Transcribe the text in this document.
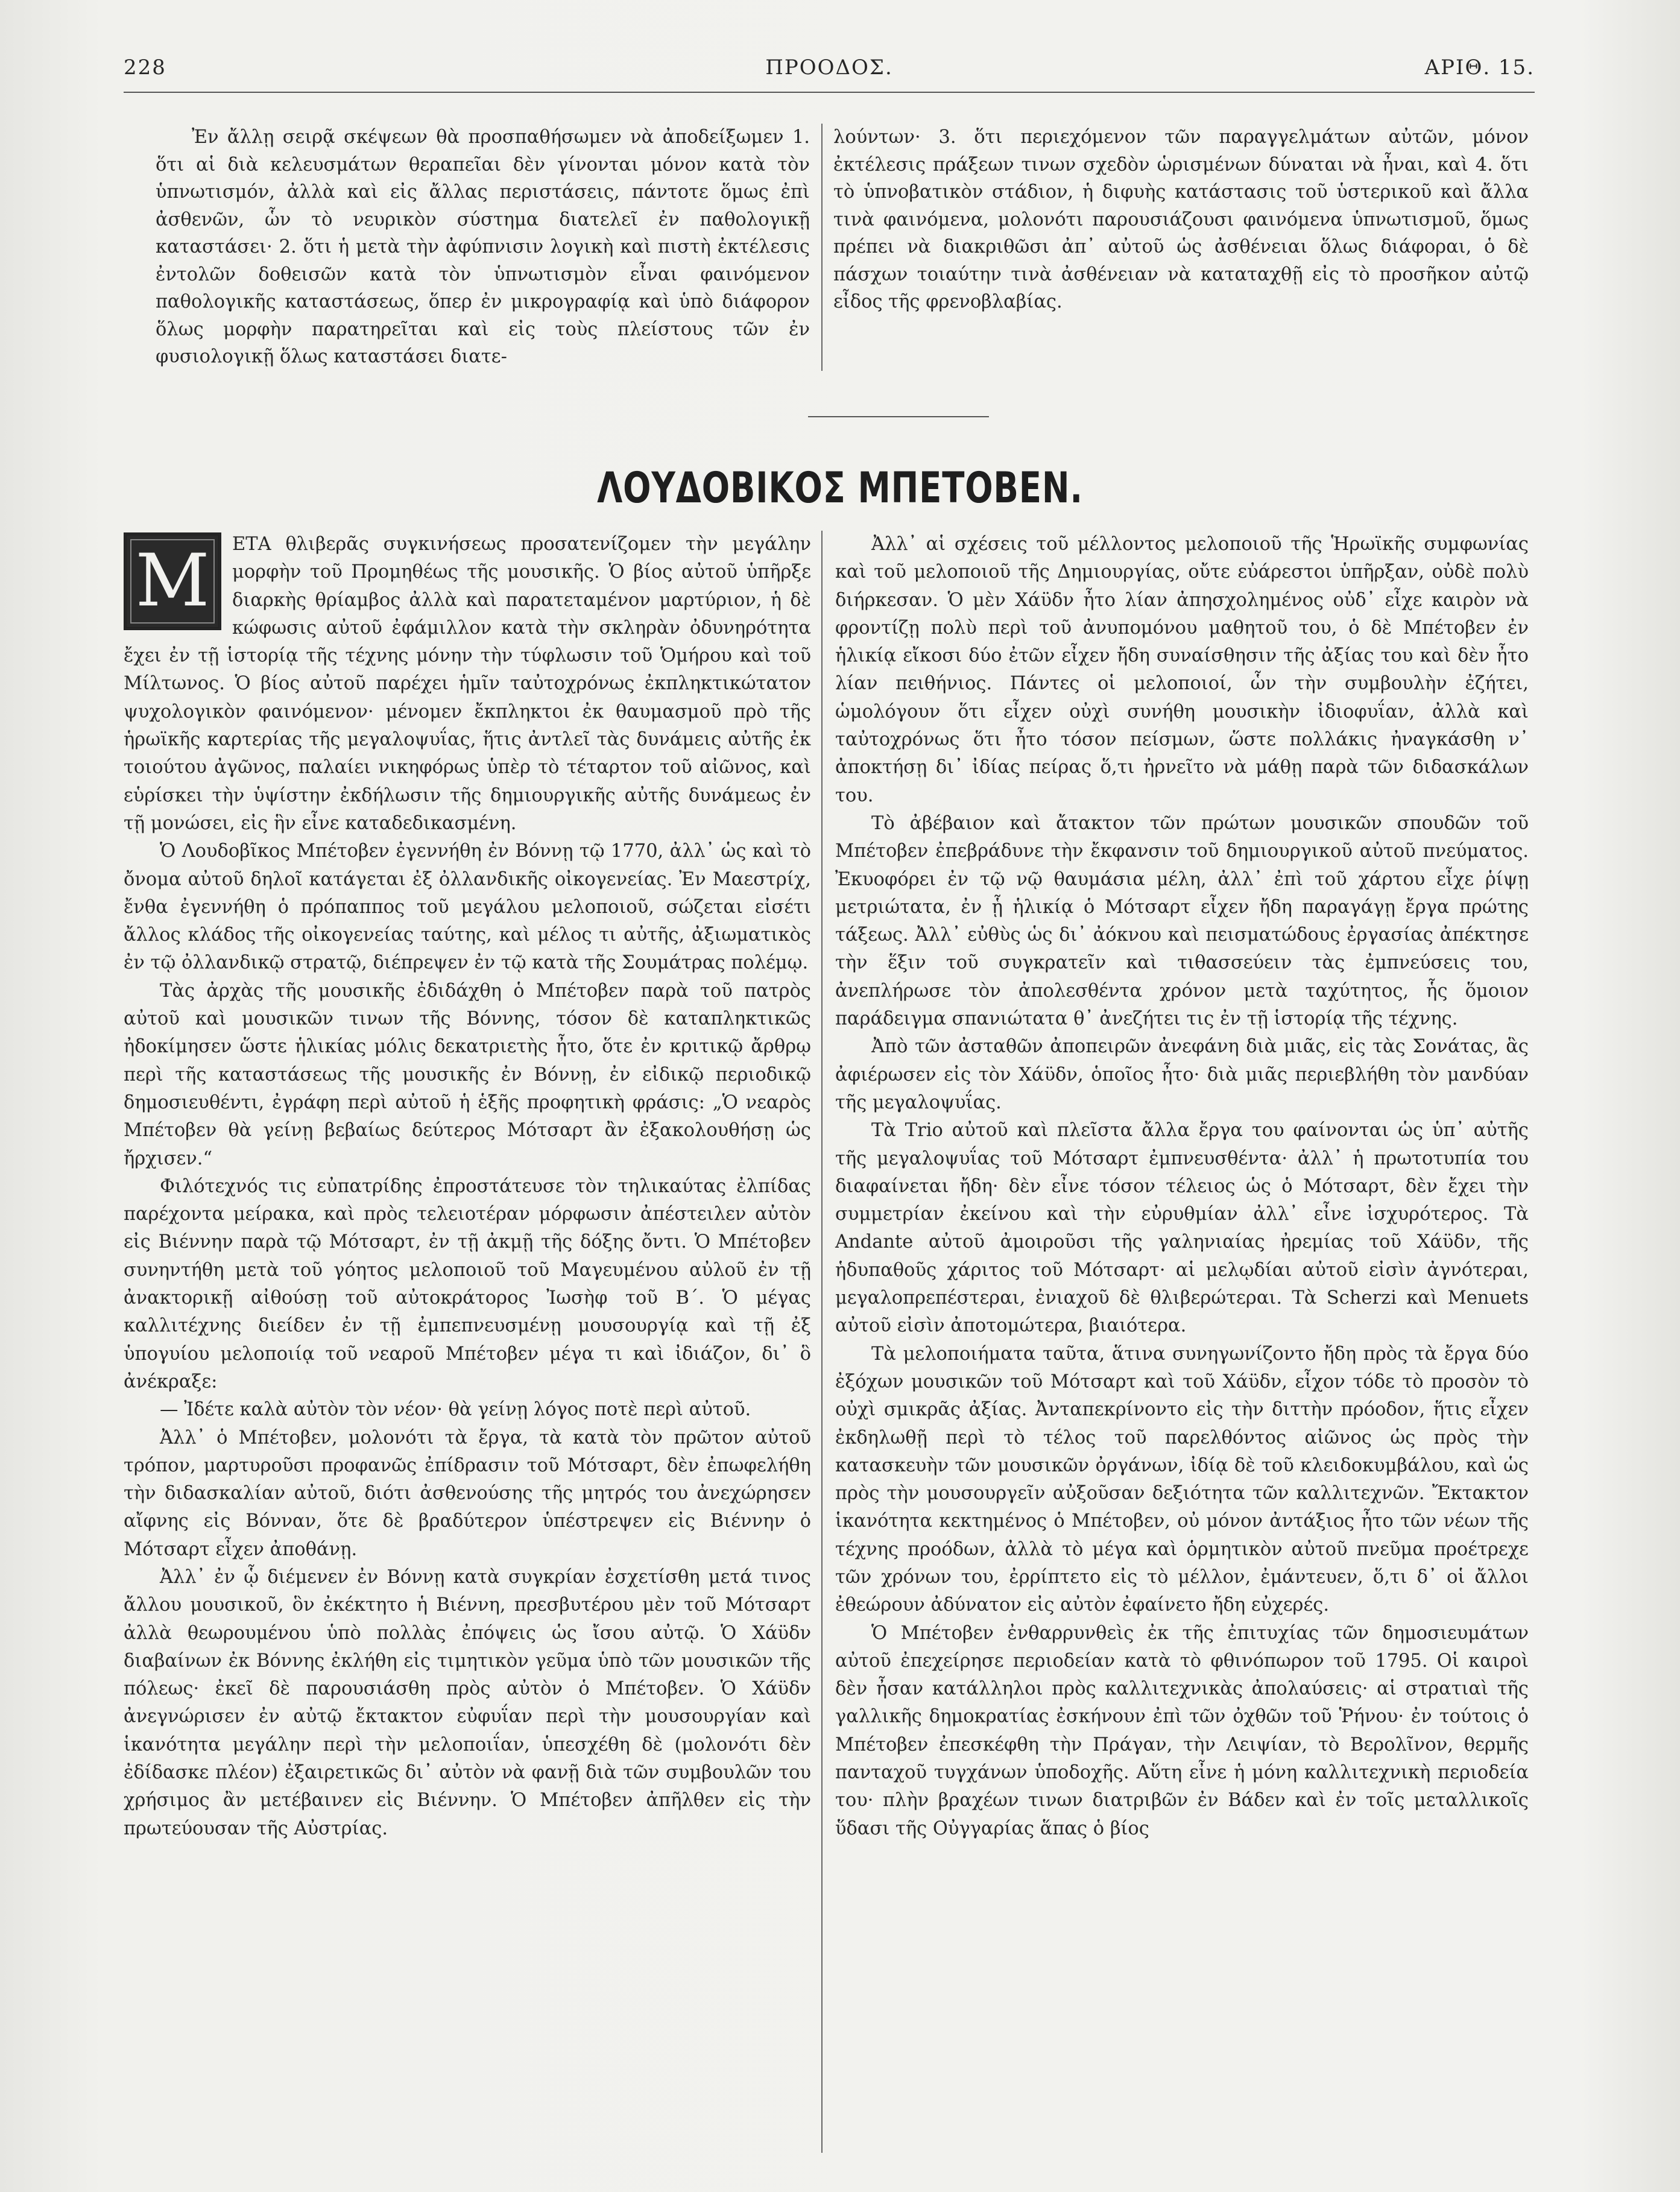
ΠΡΟΟΔΟΣ.
228	ΑΡΙΘ. 15.

Ἐν ἄλλῃ σειρᾷ σκέψεων θὰ προσπαθήσωμεν νὰ ἀποδείξωμεν 1. ὅτι αἱ διὰ κελευσμάτων θεραπεῖαι δὲν γίνονται μόνον κατὰ τὸν ὑπνωτισμόν, ἀλλὰ καὶ εἰς ἄλλας περιστάσεις, πάντοτε ὅμως ἐπὶ ἀσθενῶν, ὧν τὸ νευρικὸν σύστημα διατελεῖ ἐν παθολογικῇ καταστάσει· 2. ὅτι ἡ μετὰ τὴν ἀφύπνισιν λογικὴ καὶ πιστὴ ἐκτέλεσις ἐντολῶν δοθεισῶν κατὰ τὸν ὑπνωτισμὸν εἶναι φαινόμενον παθολογικῆς καταστάσεως, ὅπερ ἐν μικρογραφίᾳ καὶ ὑπὸ διάφορον ὅλως μορφὴν παρατηρεῖται καὶ εἰς τοὺς πλείστους τῶν ἐν φυσιολογικῇ ὅλως καταστάσει διατε-

λούντων· 3. ὅτι περιεχόμενον τῶν παραγγελμάτων αὐτῶν, μόνον ἐκτέλεσις πράξεων τινων σχεδὸν ὡρισμένων δύναται νὰ ἦναι, καὶ 4. ὅτι τὸ ὑπνοβατικὸν στάδιον, ἡ διφυὴς κατάστασις τοῦ ὑστερικοῦ καὶ ἄλλα τινὰ φαινόμενα, μολονότι παρουσιάζουσι φαινόμενα ὑπνωτισμοῦ, ὅμως πρέπει νὰ διακριθῶσι ἀπ᾽ αὐτοῦ ὡς ἀσθένειαι ὅλως διάφοραι, ὁ δὲ πάσχων τοιαύτην τινὰ ἀσθένειαν νὰ καταταχθῇ εἰς τὸ προσῆκον αὐτῷ εἶδος τῆς φρενοβλαβίας.

ΛΟΥΔΟΒΙΚΟΣ ΜΠΕΤΟΒΕΝ.

Μ	ΕΤΑ θλιβερᾶς συγκινήσεως προσατενίζομεν τὴν μεγάλην μορφὴν τοῦ Προμηθέως τῆς μουσικῆς. Ὁ βίος αὐτοῦ ὑπῆρξε διαρκὴς θρίαμβος ἀλλὰ καὶ παρατεταμένον μαρτύριον, ἡ δὲ κώφωσις αὐτοῦ ἐφάμιλλον κατὰ τὴν σκληρὰν ὀδυνηρότητα ἔχει ἐν τῇ ἱστορίᾳ τῆς τέχνης μόνην τὴν τύφλωσιν τοῦ Ὁμήρου καὶ τοῦ Μίλτωνος. Ὁ βίος αὐτοῦ παρέχει ἡμῖν ταὐτοχρόνως ἐκπληκτικώτατον ψυχολογικὸν φαινόμενον· μένομεν ἔκπληκτοι ἐκ θαυμασμοῦ πρὸ τῆς ἡρωϊκῆς καρτερίας τῆς μεγαλοψυΐας, ἥτις ἀντλεῖ τὰς δυνάμεις αὐτῆς ἐκ τοιούτου ἀγῶνος, παλαίει νικηφόρως ὑπὲρ τὸ τέταρτον τοῦ αἰῶνος, καὶ εὑρίσκει τὴν ὑψίστην ἐκδήλωσιν τῆς δημιουργικῆς αὐτῆς δυνάμεως ἐν τῇ μονώσει, εἰς ἣν εἶνε καταδεδικασμένη.

Ὁ Λουδοβῖκος Μπέτοβεν ἐγεννήθη ἐν Βόννῃ τῷ 1770, ἀλλ᾽ ὡς καὶ τὸ ὄνομα αὐτοῦ δηλοῖ κατάγεται ἐξ ὀλλανδικῆς οἰκογενείας. Ἐν Μαεστρίχ, ἔνθα ἐγεννήθη ὁ πρόπαππος τοῦ μεγάλου μελοποιοῦ, σώζεται εἰσέτι ἄλλος κλάδος τῆς οἰκογενείας ταύτης, καὶ μέλος τι αὐτῆς, ἀξιωματικὸς ἐν τῷ ὀλλανδικῷ στρατῷ, διέπρεψεν ἐν τῷ κατὰ τῆς Σουμάτρας πολέμῳ.

Τὰς ἀρχὰς τῆς μουσικῆς ἐδιδάχθη ὁ Μπέτοβεν παρὰ τοῦ πατρὸς αὐτοῦ καὶ μουσικῶν τινων τῆς Βόννης, τόσον δὲ καταπληκτικῶς ἠδοκίμησεν ὥστε ἡλικίας μόλις δεκατριετὴς ἦτο, ὅτε ἐν κριτικῷ ἄρθρῳ περὶ τῆς καταστάσεως τῆς μουσικῆς ἐν Βόννῃ, ἐν εἰδικῷ περιοδικῷ δημοσιευθέντι, ἐγράφη περὶ αὐτοῦ ἡ ἑξῆς προφητικὴ φράσις: „Ὁ νεαρὸς Μπέτοβεν θὰ γείνῃ βεβαίως δεύτερος Μότσαρτ ἂν ἐξακολουθήσῃ ὡς ἤρχισεν.“

Φιλότεχνός τις εὐπατρίδης ἐπροστάτευσε τὸν τηλικαύτας ἐλπίδας παρέχοντα μείρακα, καὶ πρὸς τελειοτέραν μόρφωσιν ἀπέστειλεν αὐτὸν εἰς Βιέννην παρὰ τῷ Μότσαρτ, ἐν τῇ ἀκμῇ τῆς δόξης ὄντι. Ὁ Μπέτοβεν συνηντήθη μετὰ τοῦ γόητος μελοποιοῦ τοῦ Μαγευμένου αὐλοῦ ἐν τῇ ἀνακτορικῇ αἰθούσῃ τοῦ αὐτοκράτορος Ἰωσὴφ τοῦ Β΄. Ὁ μέγας καλλιτέχνης διείδεν ἐν τῇ ἐμπεπνευσμένῃ μουσουργίᾳ καὶ τῇ ἐξ ὑπογυίου μελοποιίᾳ τοῦ νεαροῦ Μπέτοβεν μέγα τι καὶ ἰδιάζον, δι᾽ ὃ ἀνέκραξε:

— Ἰδέτε καλὰ αὐτὸν τὸν νέον· θὰ γείνῃ λόγος ποτὲ περὶ αὐτοῦ.

Ἀλλ᾽ ὁ Μπέτοβεν, μολονότι τὰ ἔργα, τὰ κατὰ τὸν πρῶτον αὐτοῦ τρόπον, μαρτυροῦσι προφανῶς ἐπίδρασιν τοῦ Μότσαρτ, δὲν ἐπωφελήθη τὴν διδασκαλίαν αὐτοῦ, διότι ἀσθενούσης τῆς μητρός του ἀνεχώρησεν αἴφνης εἰς Βόνναν, ὅτε δὲ βραδύτερον ὑπέστρεψεν εἰς Βιέννην ὁ Μότσαρτ εἶχεν ἀποθάνῃ.

Ἀλλ᾽ ἐν ᾧ διέμενεν ἐν Βόννῃ κατὰ συγκρίαν ἐσχετίσθη μετά τινος ἄλλου μουσικοῦ, ὃν ἐκέκτητο ἡ Βιέννη, πρεσβυτέρου μὲν τοῦ Μότσαρτ ἀλλὰ θεωρουμένου ὑπὸ πολλὰς ἐπόψεις ὡς ἴσου αὐτῷ. Ὁ Χάϋδν διαβαίνων ἐκ Βόννης ἐκλήθη εἰς τιμητικὸν γεῦμα ὑπὸ τῶν μουσικῶν τῆς πόλεως· ἐκεῖ δὲ παρουσιάσθη πρὸς αὐτὸν ὁ Μπέτοβεν. Ὁ Χάϋδν ἀνεγνώρισεν ἐν αὐτῷ ἔκτακτον εὐφυΐαν περὶ τὴν μουσουργίαν καὶ ἱκανότητα μεγάλην περὶ τὴν μελοποιΐαν, ὑπεσχέθη δὲ (μολονότι δὲν ἐδίδασκε πλέον) ἐξαιρετικῶς δι᾽ αὐτὸν νὰ φανῇ διὰ τῶν συμβουλῶν του χρήσιμος ἂν μετέβαινεν εἰς Βιέννην. Ὁ Μπέτοβεν ἀπῆλθεν εἰς τὴν πρωτεύουσαν τῆς Αὐστρίας.

Ἀλλ᾽ αἱ σχέσεις τοῦ μέλλοντος μελοποιοῦ τῆς Ἡρωϊκῆς συμφωνίας καὶ τοῦ μελοποιοῦ τῆς Δημιουργίας, οὔτε εὐάρεστοι ὑπῆρξαν, οὐδὲ πολὺ διήρκεσαν. Ὁ μὲν Χάϋδν ἦτο λίαν ἀπησχολημένος οὐδ᾽ εἶχε καιρὸν νὰ φροντίζῃ πολὺ περὶ τοῦ ἀνυπομόνου μαθητοῦ του, ὁ δὲ Μπέτοβεν ἐν ἡλικίᾳ εἴκοσι δύο ἐτῶν εἶχεν ἤδη συναίσθησιν τῆς ἀξίας του καὶ δὲν ἦτο λίαν πειθήνιος. Πάντες οἱ μελοποιοί, ὧν τὴν συμβουλὴν ἐζήτει, ὡμολόγουν ὅτι εἶχεν οὐχὶ συνήθη μουσικὴν ἰδιοφυΐαν, ἀλλὰ καὶ ταὐτοχρόνως ὅτι ἦτο τόσον πείσμων, ὥστε πολλάκις ἠναγκάσθη ν᾽ ἀποκτήσῃ δι᾽ ἰδίας πείρας ὅ,τι ἠρνεῖτο νὰ μάθῃ παρὰ τῶν διδασκάλων του.

Τὸ ἀβέβαιον καὶ ἄτακτον τῶν πρώτων μουσικῶν σπουδῶν τοῦ Μπέτοβεν ἐπεβράδυνε τὴν ἔκφανσιν τοῦ δημιουργικοῦ αὐτοῦ πνεύματος. Ἐκυοφόρει ἐν τῷ νῷ θαυμάσια μέλη, ἀλλ᾽ ἐπὶ τοῦ χάρτου εἶχε ῥίψῃ μετριώτατα, ἐν ᾗ ἡλικίᾳ ὁ Μότσαρτ εἶχεν ἤδη παραγάγῃ ἔργα πρώτης τάξεως. Ἀλλ᾽ εὐθὺς ὡς δι᾽ ἀόκνου καὶ πεισματώδους ἐργασίας ἀπέκτησε τὴν ἕξιν τοῦ συγκρατεῖν καὶ τιθασσεύειν τὰς ἐμπνεύσεις του, ἀνεπλήρωσε τὸν ἀπολεσθέντα χρόνον μετὰ ταχύτητος, ἧς ὅμοιον παράδειγμα σπανιώτατα θ᾽ ἀνεζήτει τις ἐν τῇ ἱστορίᾳ τῆς τέχνης.

Ἀπὸ τῶν ἀσταθῶν ἀποπειρῶν ἀνεφάνη διὰ μιᾶς, εἰς τὰς Σονάτας, ἃς ἀφιέρωσεν εἰς τὸν Χάϋδν, ὁποῖος ἦτο· διὰ μιᾶς περιεβλήθη τὸν μανδύαν τῆς μεγαλοψυΐας.

Τὰ Trio αὐτοῦ καὶ πλεῖστα ἄλλα ἔργα του φαίνονται ὡς ὑπ᾽ αὐτῆς τῆς μεγαλοψυΐας τοῦ Μότσαρτ ἐμπνευσθέντα· ἀλλ᾽ ἡ πρωτοτυπία του διαφαίνεται ἤδη· δὲν εἶνε τόσον τέλειος ὡς ὁ Μότσαρτ, δὲν ἔχει τὴν συμμετρίαν ἐκείνου καὶ τὴν εὐρυθμίαν ἀλλ᾽ εἶνε ἰσχυρότερος. Τὰ Andante αὐτοῦ ἀμοιροῦσι τῆς γαληνιαίας ἠρεμίας τοῦ Χάϋδν, τῆς ἡδυπαθοῦς χάριτος τοῦ Μότσαρτ· αἱ μελῳδίαι αὐτοῦ εἰσὶν ἀγνότεραι, μεγαλοπρεπέστεραι, ἐνιαχοῦ δὲ θλιβερώτεραι. Τὰ Scherzi καὶ Menuets αὐτοῦ εἰσὶν ἀποτομώτερα, βιαιότερα.

Τὰ μελοποιήματα ταῦτα, ἅτινα συνηγωνίζοντο ἤδη πρὸς τὰ ἔργα δύο ἐξόχων μουσικῶν τοῦ Μότσαρτ καὶ τοῦ Χάϋδν, εἶχον τόδε τὸ προσὸν τὸ οὐχὶ σμικρᾶς ἀξίας. Ἀνταπεκρίνοντο εἰς τὴν διττὴν πρόοδον, ἥτις εἶχεν ἐκδηλωθῇ περὶ τὸ τέλος τοῦ παρελθόντος αἰῶνος ὡς πρὸς τὴν κατασκευὴν τῶν μουσικῶν ὀργάνων, ἰδίᾳ δὲ τοῦ κλειδοκυμβάλου, καὶ ὡς πρὸς τὴν μουσουργεῖν αὐξοῦσαν δεξιότητα τῶν καλλιτεχνῶν. Ἔκτακτον ἱκανότητα κεκτημένος ὁ Μπέτοβεν, οὐ μόνον ἀντάξιος ἦτο τῶν νέων τῆς τέχνης προόδων, ἀλλὰ τὸ μέγα καὶ ὁρμητικὸν αὐτοῦ πνεῦμα προέτρεχε τῶν χρόνων του, ἐρρίπτετο εἰς τὸ μέλλον, ἐμάντευεν, ὅ,τι δ᾽ οἱ ἄλλοι ἐθεώρουν ἀδύνατον εἰς αὐτὸν ἐφαίνετο ἤδη εὐχερές.

Ὁ Μπέτοβεν ἐνθαρρυνθεὶς ἐκ τῆς ἐπιτυχίας τῶν δημοσιευμάτων αὐτοῦ ἐπεχείρησε περιοδείαν κατὰ τὸ φθινόπωρον τοῦ 1795. Οἱ καιροὶ δὲν ἦσαν κατάλληλοι πρὸς καλλιτεχνικὰς ἀπολαύσεις· αἱ στρατιαὶ τῆς γαλλικῆς δημοκρατίας ἐσκήνουν ἐπὶ τῶν ὀχθῶν τοῦ Ῥήνου· ἐν τούτοις ὁ Μπέτοβεν ἐπεσκέφθη τὴν Πράγαν, τὴν Λειψίαν, τὸ Βερολῖνον, θερμῆς πανταχοῦ τυγχάνων ὑποδοχῆς. Αὕτη εἶνε ἡ μόνη καλλιτεχνικὴ περιοδεία του· πλὴν βραχέων τινων διατριβῶν ἐν Βάδεν καὶ ἐν τοῖς μεταλλικοῖς ὕδασι τῆς Οὐγγαρίας ἅπας ὁ βίος
